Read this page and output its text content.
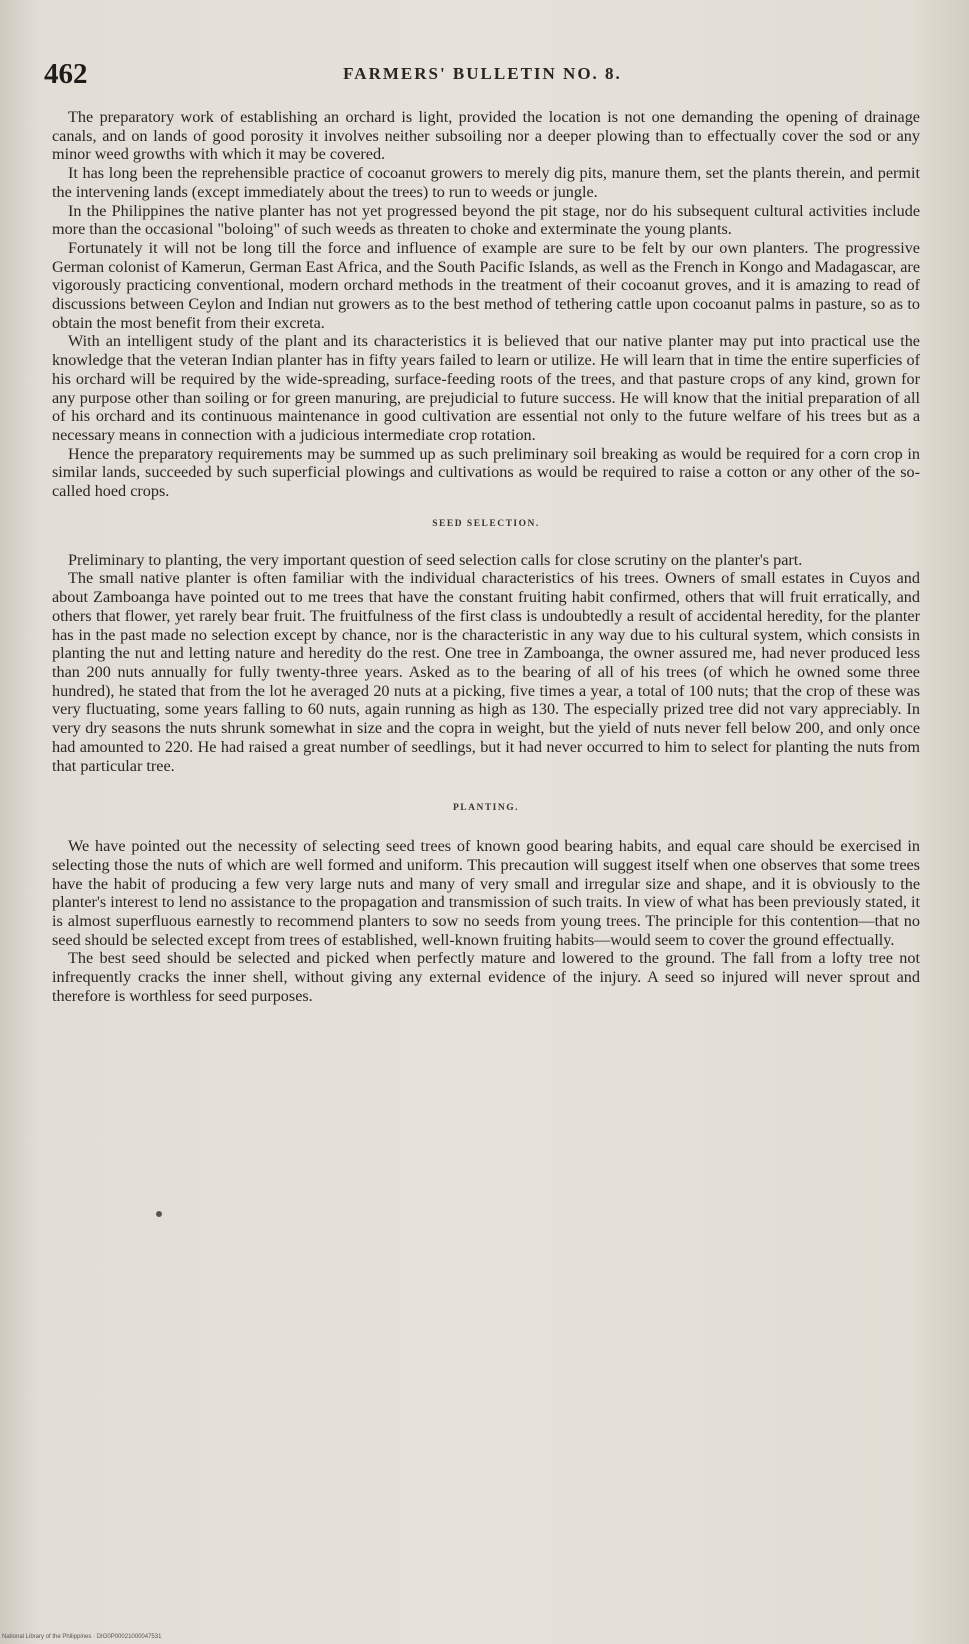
462	FARMERS' BULLETIN NO. 8.

The preparatory work of establishing an orchard is light, provided the location is not one demanding the opening of drainage canals, and on lands of good porosity it involves neither subsoiling nor a deeper plowing than to effectually cover the sod or any minor weed growths with which it may be covered.

It has long been the reprehensible practice of cocoanut growers to merely dig pits, manure them, set the plants therein, and permit the intervening lands (except immediately about the trees) to run to weeds or jungle.

In the Philippines the native planter has not yet progressed beyond the pit stage, nor do his subsequent cultural activities include more than the occasional "boloing" of such weeds as threaten to choke and exterminate the young plants.

Fortunately it will not be long till the force and influence of example are sure to be felt by our own planters. The progressive German colonist of Kamerun, German East Africa, and the South Pacific Islands, as well as the French in Kongo and Madagascar, are vigorously practicing conventional, modern orchard methods in the treatment of their cocoanut groves, and it is amazing to read of discussions between Ceylon and Indian nut growers as to the best method of tethering cattle upon cocoanut palms in pasture, so as to obtain the most benefit from their excreta.

With an intelligent study of the plant and its characteristics it is believed that our native planter may put into practical use the knowledge that the veteran Indian planter has in fifty years failed to learn or utilize. He will learn that in time the entire superficies of his orchard will be required by the wide-spreading, surface-feeding roots of the trees, and that pasture crops of any kind, grown for any purpose other than soiling or for green manuring, are prejudicial to future success. He will know that the initial preparation of all of his orchard and its continuous maintenance in good cultivation are essential not only to the future welfare of his trees but as a necessary means in connection with a judicious intermediate crop rotation.

Hence the preparatory requirements may be summed up as such preliminary soil breaking as would be required for a corn crop in similar lands, succeeded by such superficial plowings and cultivations as would be required to raise a cotton or any other of the so-called hoed crops.

SEED SELECTION.

Preliminary to planting, the very important question of seed selection calls for close scrutiny on the planter's part.

The small native planter is often familiar with the individual characteristics of his trees. Owners of small estates in Cuyos and about Zamboanga have pointed out to me trees that have the constant fruiting habit confirmed, others that will fruit erratically, and others that flower, yet rarely bear fruit. The fruitfulness of the first class is undoubtedly a result of accidental heredity, for the planter has in the past made no selection except by chance, nor is the characteristic in any way due to his cultural system, which consists in planting the nut and letting nature and heredity do the rest. One tree in Zamboanga, the owner assured me, had never produced less than 200 nuts annually for fully twenty-three years. Asked as to the bearing of all of his trees (of which he owned some three hundred), he stated that from the lot he averaged 20 nuts at a picking, five times a year, a total of 100 nuts; that the crop of these was very fluctuating, some years falling to 60 nuts, again running as high as 130. The especially prized tree did not vary appreciably. In very dry seasons the nuts shrunk somewhat in size and the copra in weight, but the yield of nuts never fell below 200, and only once had amounted to 220. He had raised a great number of seedlings, but it had never occurred to him to select for planting the nuts from that particular tree.

PLANTING.

We have pointed out the necessity of selecting seed trees of known good bearing habits, and equal care should be exercised in selecting those the nuts of which are well formed and uniform. This precaution will suggest itself when one observes that some trees have the habit of producing a few very large nuts and many of very small and irregular size and shape, and it is obviously to the planter's interest to lend no assistance to the propagation and transmission of such traits. In view of what has been previously stated, it is almost superfluous earnestly to recommend planters to sow no seeds from young trees. The principle for this contention—that no seed should be selected except from trees of established, well-known fruiting habits—would seem to cover the ground effectually.

The best seed should be selected and picked when perfectly mature and lowered to the ground. The fall from a lofty tree not infrequently cracks the inner shell, without giving any external evidence of the injury. A seed so injured will never sprout and therefore is worthless for seed purposes.

National Library of the Philippines · DIG0P00021000047531
